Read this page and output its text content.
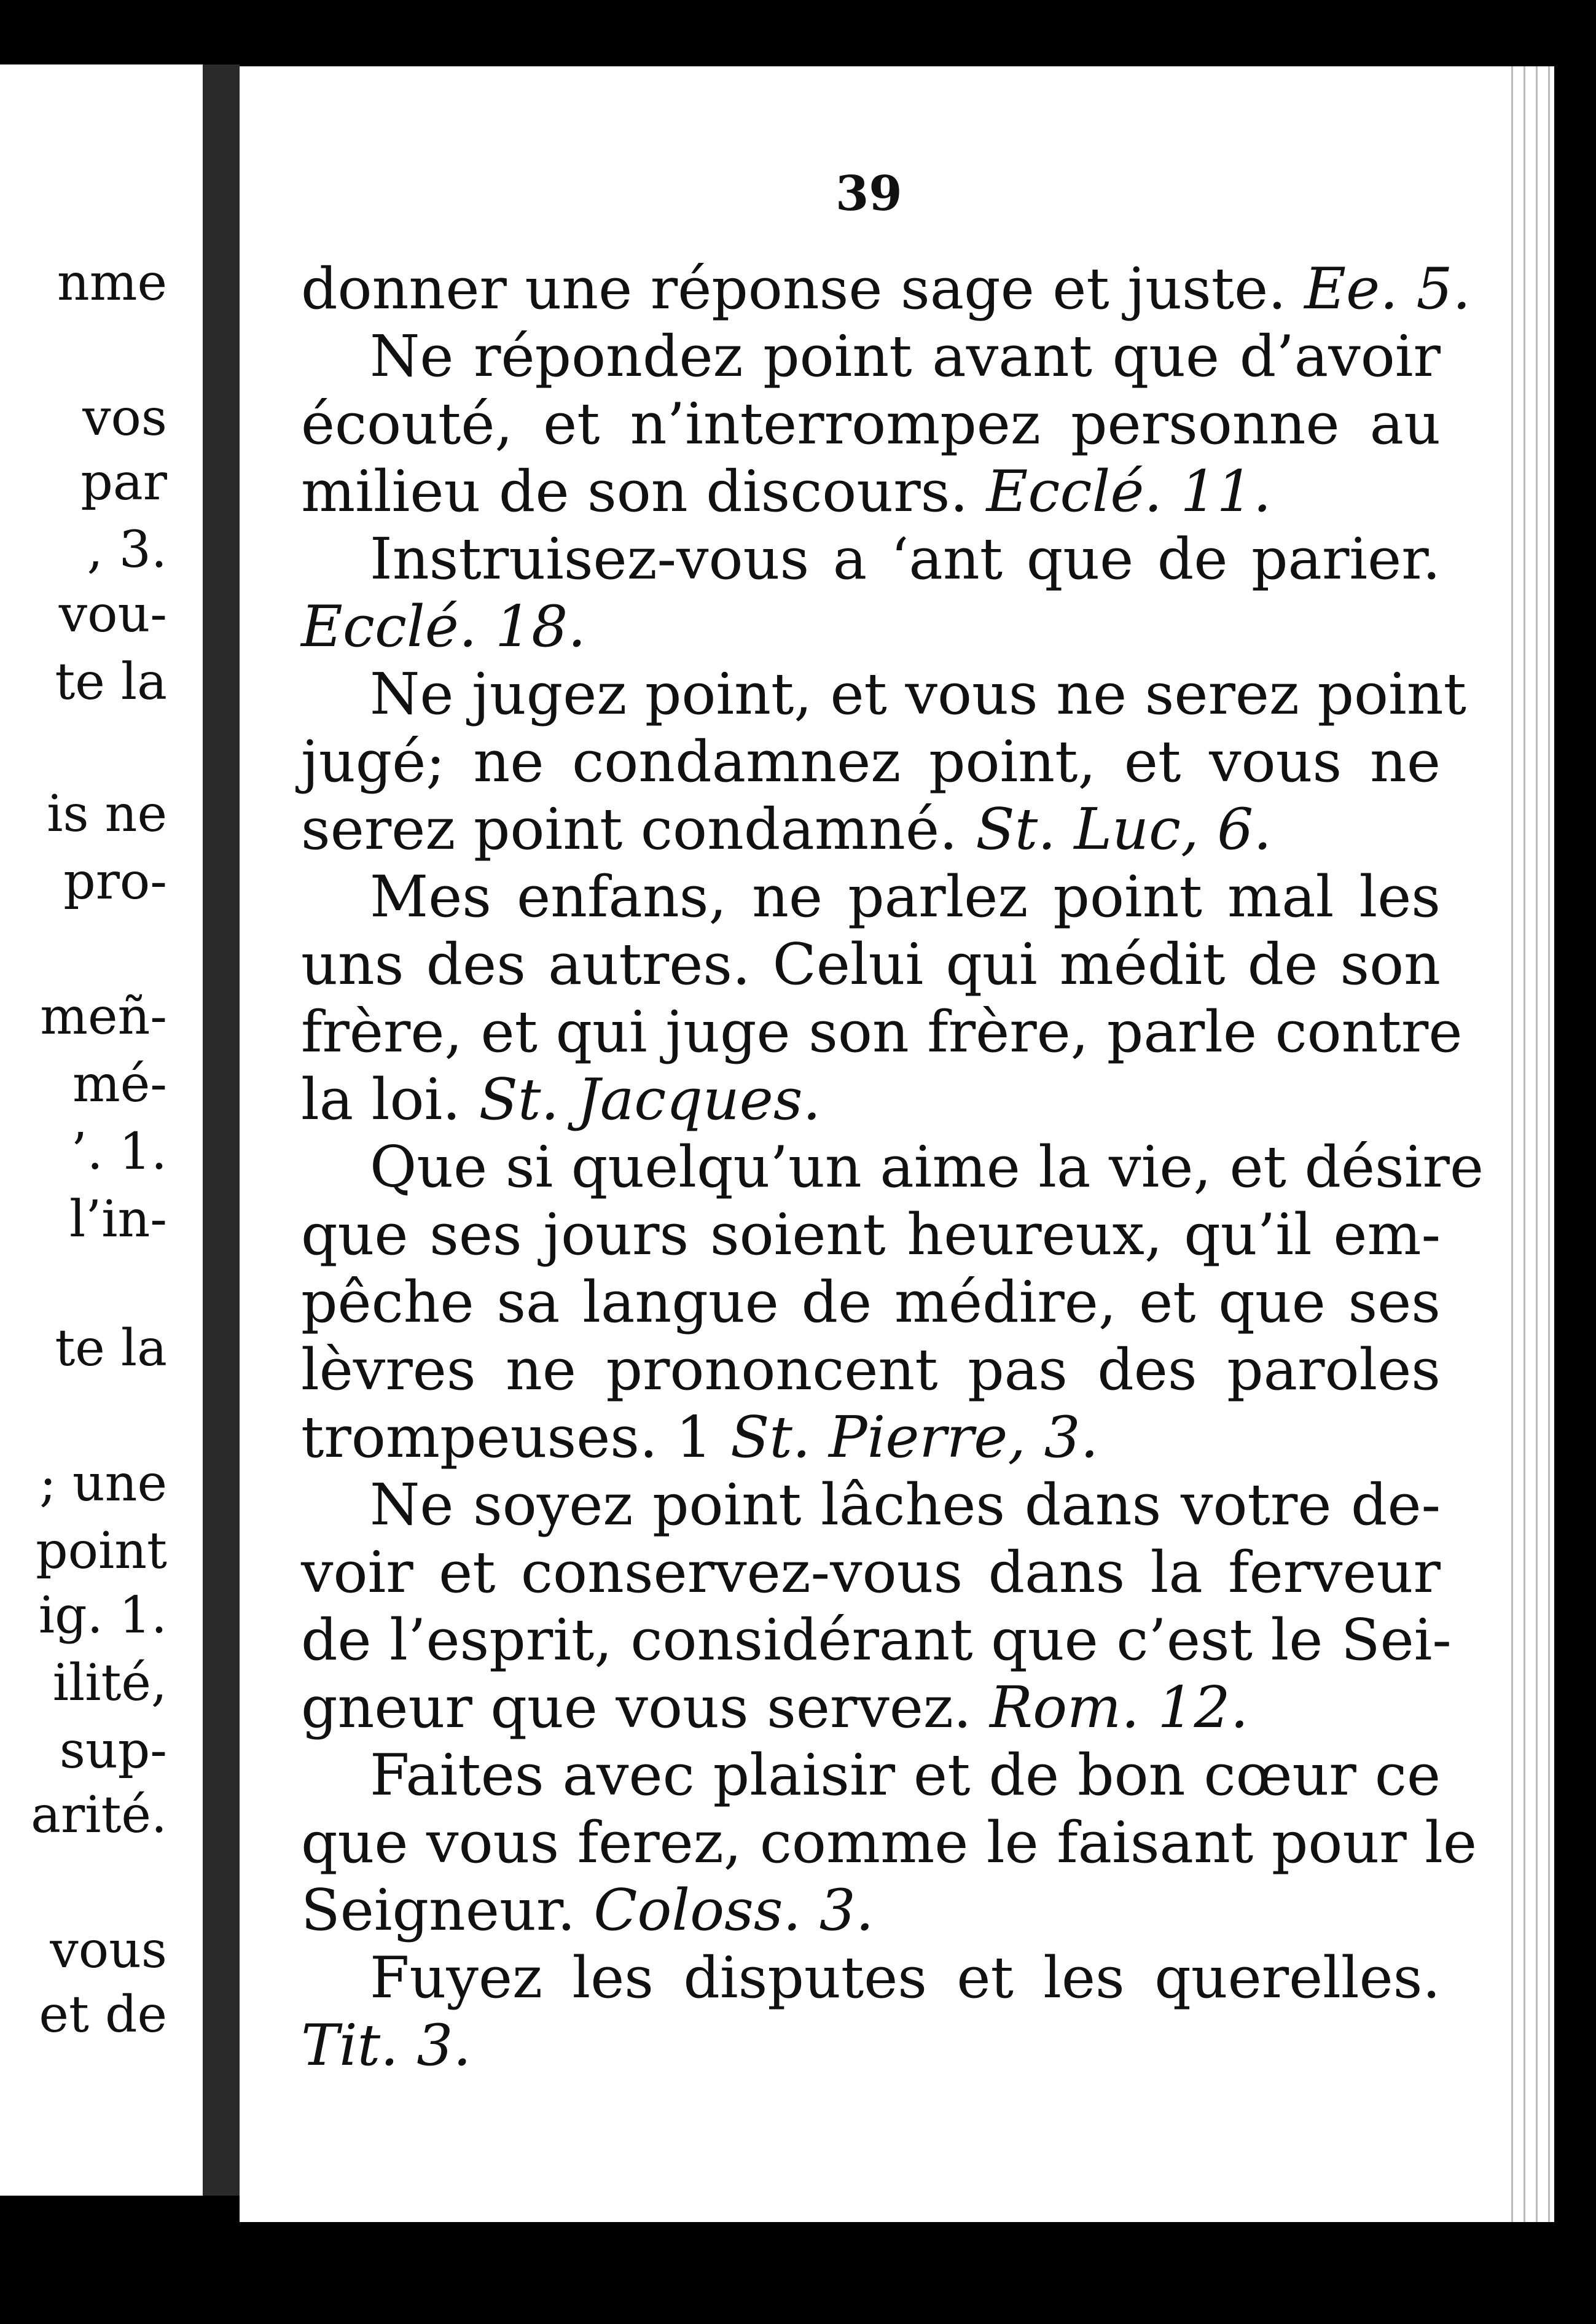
nme
vos
par
, 3.
vou-
te la
is ne
pro-
meñ-
mé-
’. 1.
l’in-
te la
; une
point
ig. 1.
ilité,
sup-
arité.
vous
et de
39
donner une réponse sage et juste. Ee. 5.
Ne répondez point avant que d’avoir
écouté, et n’interrompez personne au
milieu de son discours. Ecclé. 11.
Instruisez-vous a ‘ant que de parier.
Ecclé. 18.
Ne jugez point, et vous ne serez point
jugé; ne condamnez point, et vous ne
serez point condamné. St. Luc, 6.
Mes enfans, ne parlez point mal les
uns des autres. Celui qui médit de son
frère, et qui juge son frère, parle contre
la loi. St. Jacques.
Que si quelqu’un aime la vie, et désire
que ses jours soient heureux, qu’il em-
pêche sa langue de médire, et que ses
lèvres ne prononcent pas des paroles
trompeuses. 1 St. Pierre, 3.
Ne soyez point lâches dans votre de-
voir et conservez-vous dans la ferveur
de l’esprit, considérant que c’est le Sei-
gneur que vous servez. Rom. 12.
Faites avec plaisir et de bon cœur ce
que vous ferez, comme le faisant pour le
Seigneur. Coloss. 3.
Fuyez les disputes et les querelles.
Tit. 3.
